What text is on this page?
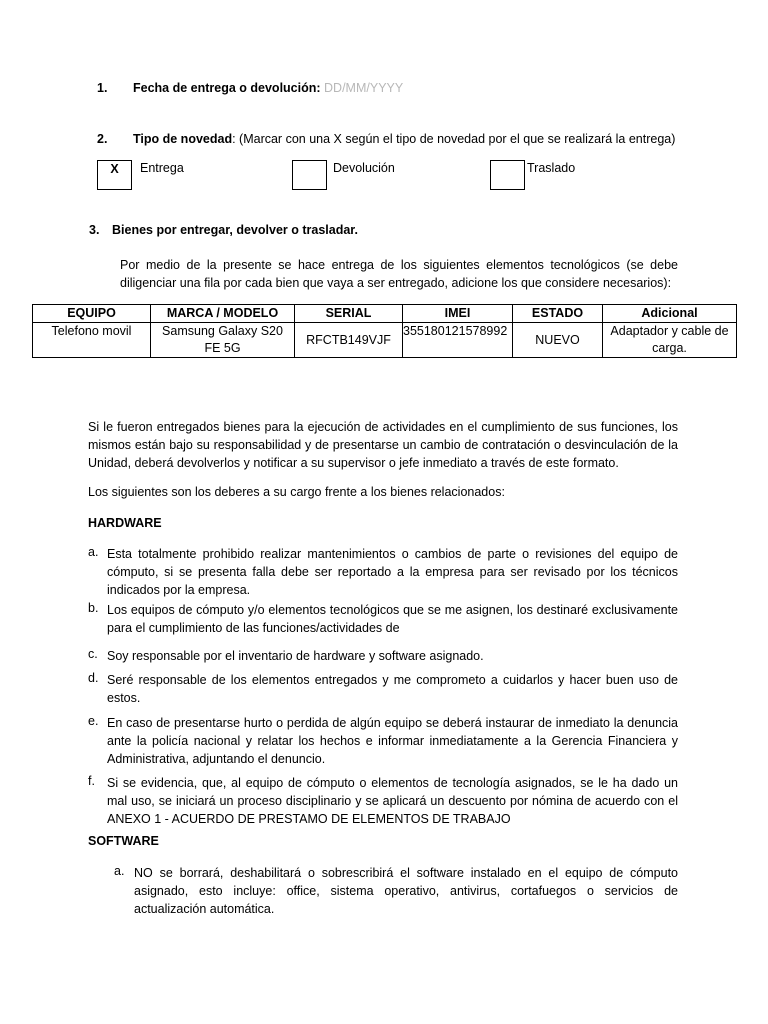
1. Fecha de entrega o devolución: DD/MM/YYYY
2. Tipo de novedad: (Marcar con una X según el tipo de novedad por el que se realizará la entrega)
X	Entrega	Devolución	Traslado
3. Bienes por entregar, devolver o trasladar.
Por medio de la presente se hace entrega de los siguientes elementos tecnológicos (se debe diligenciar una fila por cada bien que vaya a ser entregado, adicione los que considere necesarios):
EQUIPO	MARCA / MODELO	SERIAL	IMEI	ESTADO	Adicional
Telefono movil	Samsung Galaxy S20 FE 5G	RFCTB149VJF	355180121578992	NUEVO	Adaptador y cable de carga.
Si le fueron entregados bienes para la ejecución de actividades en el cumplimiento de sus funciones, los mismos están bajo su responsabilidad y de presentarse un cambio de contratación o desvinculación de la Unidad, deberá devolverlos y notificar a su supervisor o jefe inmediato a través de este formato.
Los siguientes son los deberes a su cargo frente a los bienes relacionados:
HARDWARE
a. Esta totalmente prohibido realizar mantenimientos o cambios de parte o revisiones del equipo de cómputo, si se presenta falla debe ser reportado a la empresa para ser revisado por los técnicos indicados por la empresa.
b. Los equipos de cómputo y/o elementos tecnológicos que se me asignen, los destinaré exclusivamente para el cumplimiento de las funciones/actividades de
c. Soy responsable por el inventario de hardware y software asignado.
d. Seré responsable de los elementos entregados y me comprometo a cuidarlos y hacer buen uso de estos.
e. En caso de presentarse hurto o perdida de algún equipo se deberá instaurar de inmediato la denuncia ante la policía nacional y relatar los hechos e informar inmediatamente a la Gerencia Financiera y Administrativa, adjuntando el denuncio.
f. Si se evidencia, que, al equipo de cómputo o elementos de tecnología asignados, se le ha dado un mal uso, se iniciará un proceso disciplinario y se aplicará un descuento por nómina de acuerdo con el ANEXO 1 - ACUERDO DE PRESTAMO DE ELEMENTOS DE TRABAJO
SOFTWARE
a. NO se borrará, deshabilitará o sobrescribirá el software instalado en el equipo de cómputo asignado, esto incluye: office, sistema operativo, antivirus, cortafuegos o servicios de actualización automática.
